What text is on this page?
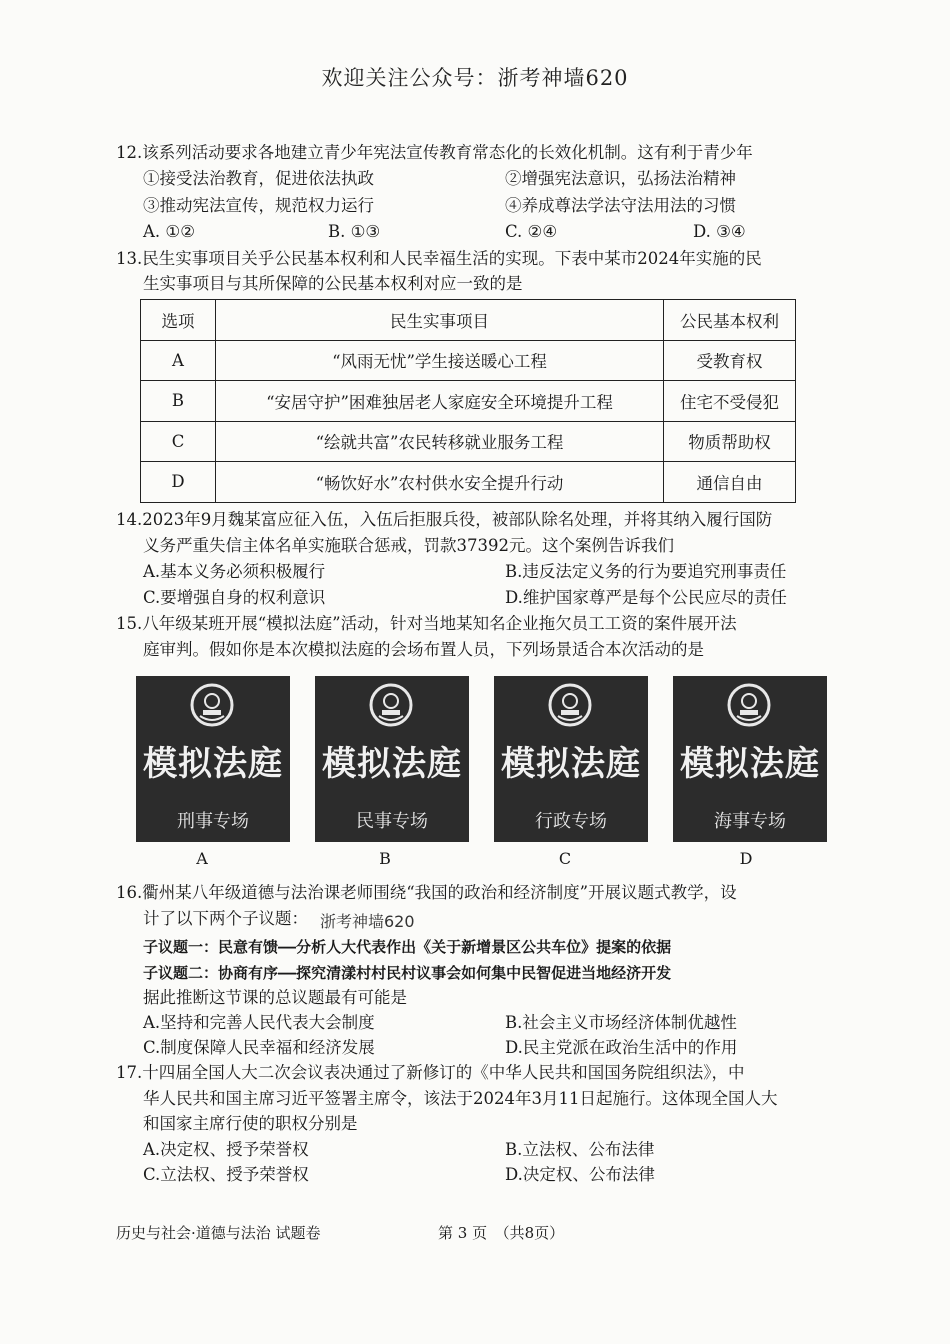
欢迎关注公众号：浙考神墙620
12.该系列活动要求各地建立青少年宪法宣传教育常态化的长效化机制。这有利于青少年
①接受法治教育，促进依法执政	②增强宪法意识，弘扬法治精神
③推动宪法宣传，规范权力运行	④养成尊法学法守法用法的习惯
A. ①②	B. ①③	C. ②④	D. ③④
13.民生实事项目关乎公民基本权利和人民幸福生活的实现。下表中某市2024年实施的民
生实事项目与其所保障的公民基本权利对应一致的是
选项	民生实事项目	公民基本权利
A	“风雨无忧”学生接送暖心工程	受教育权
B	“安居守护”困难独居老人家庭安全环境提升工程	住宅不受侵犯
C	“绘就共富”农民转移就业服务工程	物质帮助权
D	“畅饮好水”农村供水安全提升行动	通信自由
14.2023年9月魏某富应征入伍，入伍后拒服兵役，被部队除名处理，并将其纳入履行国防
义务严重失信主体名单实施联合惩戒，罚款37392元。这个案例告诉我们
A.基本义务必须积极履行	B.违反法定义务的行为要追究刑事责任
C.要增强自身的权利意识	D.维护国家尊严是每个公民应尽的责任
15.八年级某班开展“模拟法庭”活动，针对当地某知名企业拖欠员工工资的案件展开法
庭审判。假如你是本次模拟法庭的会场布置人员，下列场景适合本次活动的是
模拟法庭
刑事专场
模拟法庭
民事专场
模拟法庭
行政专场
模拟法庭
海事专场
A	B	C	D
16.衢州某八年级道德与法治课老师围绕“我国的政治和经济制度”开展议题式教学，设
计了以下两个子议题： 浙考神墙620
子议题一：民意有馈——分析人大代表作出《关于新增景区公共车位》提案的依据
子议题二：协商有序——探究清漾村村民村议事会如何集中民智促进当地经济开发
据此推断这节课的总议题最有可能是
A.坚持和完善人民代表大会制度	B.社会主义市场经济体制优越性
C.制度保障人民幸福和经济发展	D.民主党派在政治生活中的作用
17.十四届全国人大二次会议表决通过了新修订的《中华人民共和国国务院组织法》，中
华人民共和国主席习近平签署主席令，该法于2024年3月11日起施行。这体现全国人大
和国家主席行使的职权分别是
A.决定权、授予荣誉权	B.立法权、公布法律
C.立法权、授予荣誉权	D.决定权、公布法律
历史与社会·道德与法治 试题卷	第 3 页　（共8页）
